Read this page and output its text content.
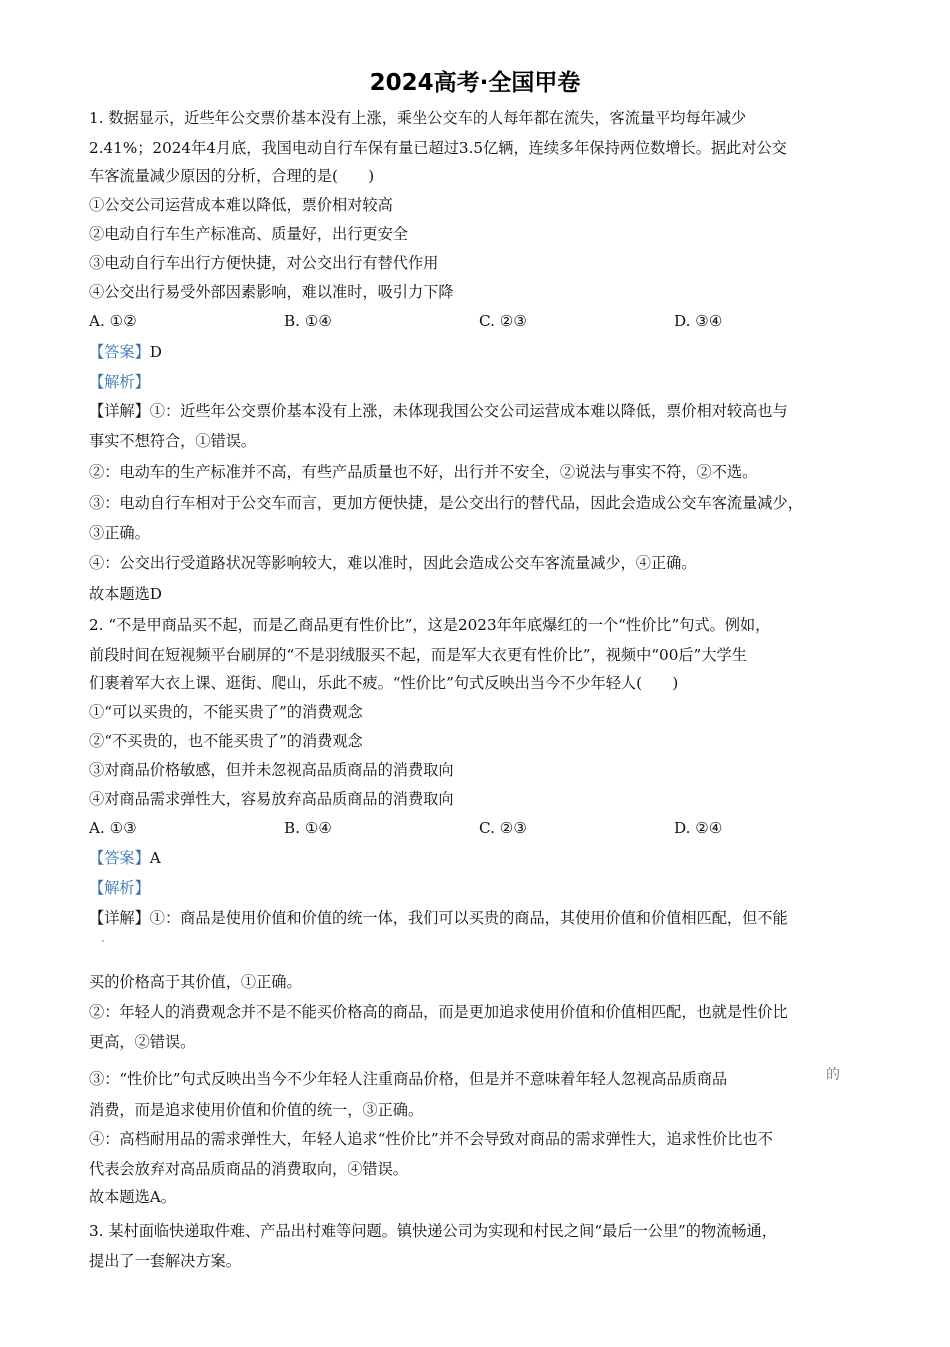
2024高考·全国甲卷
1. 数据显示，近些年公交票价基本没有上涨，乘坐公交车的人每年都在流失，客流量平均每年减少
2.41%；2024年4月底，我国电动自行车保有量已超过3.5亿辆，连续多年保持两位数增长。据此对公交
车客流量减少原因的分析，合理的是(　　)
①公交公司运营成本难以降低，票价相对较高
②电动自行车生产标准高、质量好，出行更安全
③电动自行车出行方便快捷，对公交出行有替代作用
④公交出行易受外部因素影响，难以准时，吸引力下降
A. ①②	B. ①④	C. ②③	D. ③④
【答案】D
【解析】
【详解】①：近些年公交票价基本没有上涨，未体现我国公交公司运营成本难以降低，票价相对较高也与
事实不想符合，①错误。
②：电动车的生产标准并不高，有些产品质量也不好，出行并不安全，②说法与事实不符，②不选。
③：电动自行车相对于公交车而言，更加方便快捷，是公交出行的替代品，因此会造成公交车客流量减少，
③正确。
④：公交出行受道路状况等影响较大，难以准时，因此会造成公交车客流量减少，④正确。
故本题选D
2. “不是甲商品买不起，而是乙商品更有性价比”，这是2023年年底爆红的一个“性价比”句式。例如，
前段时间在短视频平台刷屏的“不是羽绒服买不起，而是军大衣更有性价比”，视频中“00后”大学生
们裹着军大衣上课、逛街、爬山，乐此不疲。“性价比”句式反映出当今不少年轻人(　　)
①“可以买贵的，不能买贵了”的消费观念
②“不买贵的，也不能买贵了”的消费观念
③对商品价格敏感，但并未忽视高品质商品的消费取向
④对商品需求弹性大，容易放弃高品质商品的消费取向
A. ①③	B. ①④	C. ②③	D. ②④
【答案】A
【解析】
【详解】①：商品是使用价值和价值的统一体，我们可以买贵的商品，其使用价值和价值相匹配，但不能
买的价格高于其价值，①正确。
②：年轻人的消费观念并不是不能买价格高的商品，而是更加追求使用价值和价值相匹配，也就是性价比
更高，②错误。
③：“性价比”句式反映出当今不少年轻人注重商品价格，但是并不意味着年轻人忽视高品质商品	的
消费，而是追求使用价值和价值的统一，③正确。
④：高档耐用品的需求弹性大，年轻人追求“性价比”并不会导致对商品的需求弹性大，追求性价比也不
代表会放弃对高品质商品的消费取向，④错误。
故本题选A。
3. 某村面临快递取件难、产品出村难等问题。镇快递公司为实现和村民之间“最后一公里”的物流畅通，
提出了一套解决方案。
